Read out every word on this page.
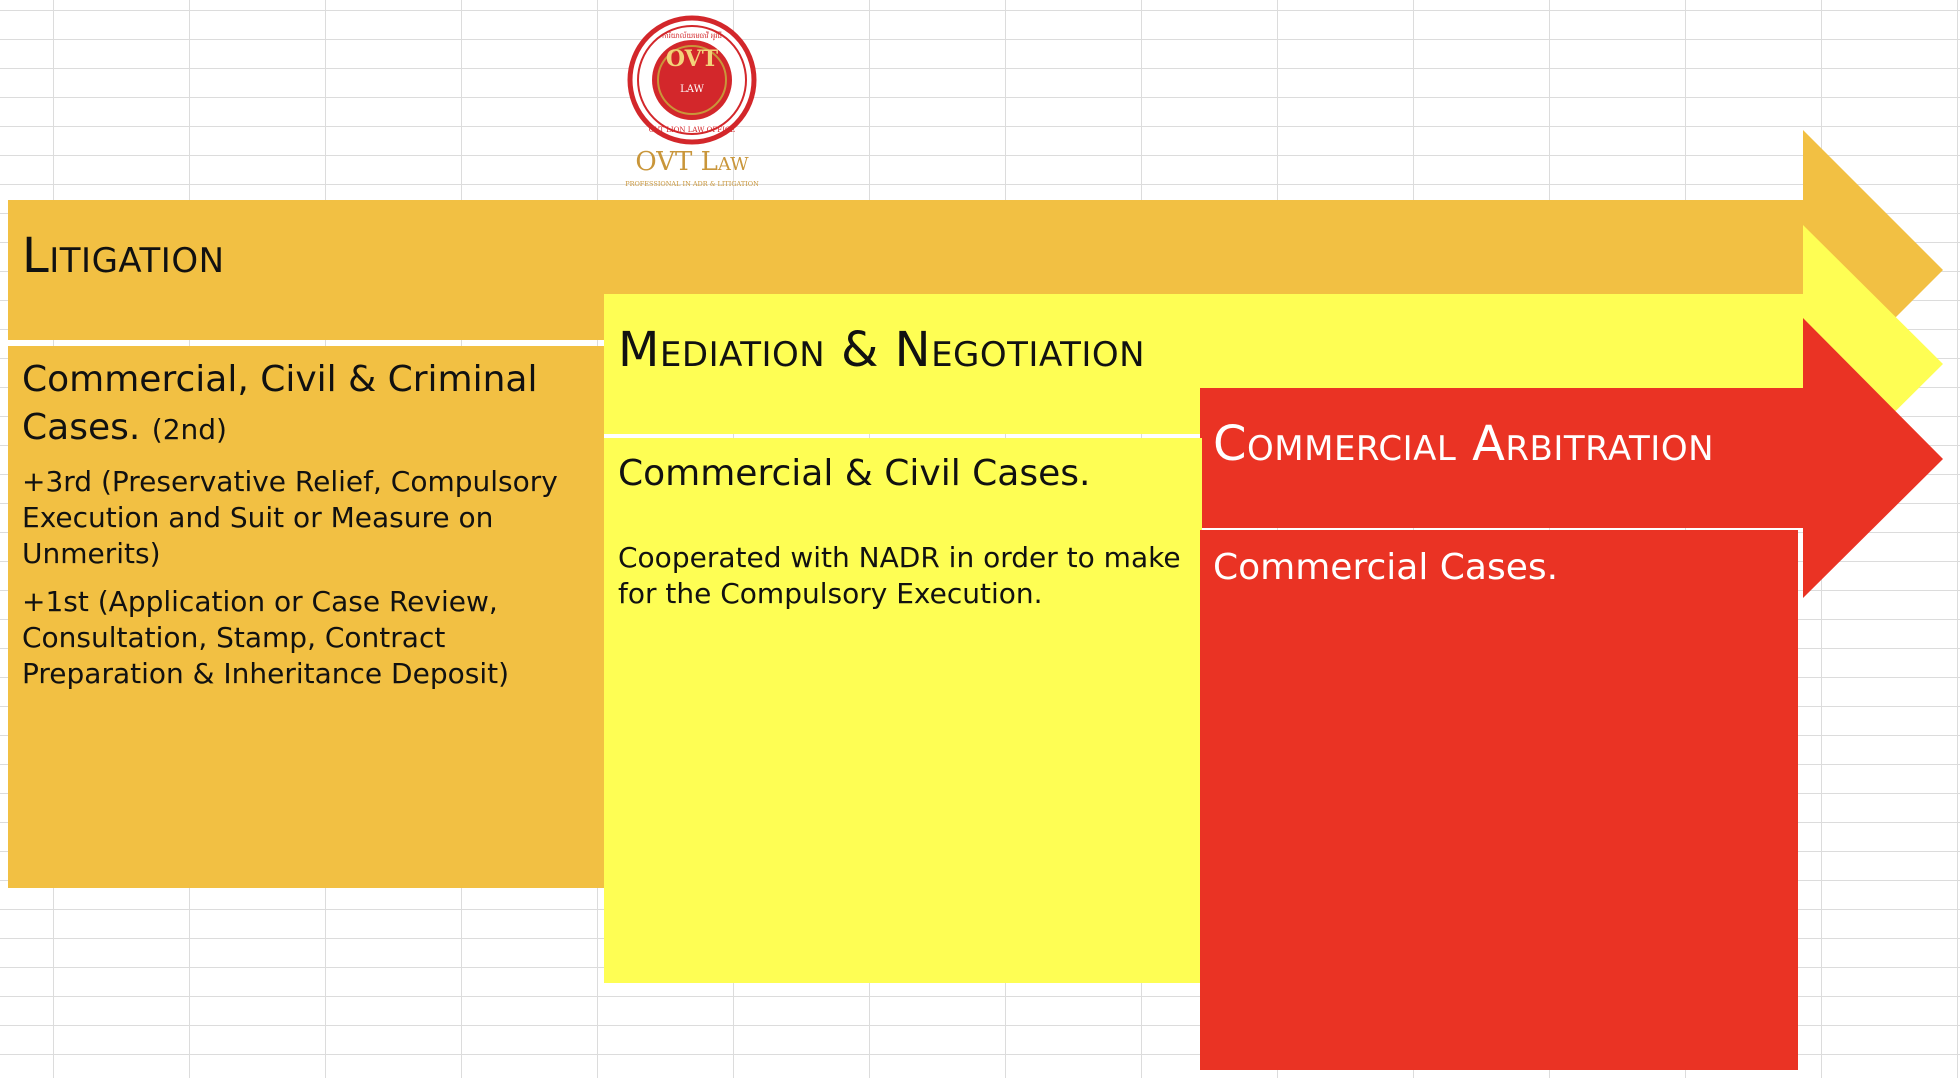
OVT
LAW
ការិយាល័យមេធាវី អូវីធី
OVT LION LAW OFFICE
OVT Law
PROFESSIONAL IN ADR & LITIGATION
Litigation
Mediation & Negotiation
Commercial Arbitration
Commercial, Civil & Criminal Cases. (2nd)
+3rd (Preservative Relief, Compulsory Execution and Suit or Measure on Unmerits)
+1st (Application or Case Review, Consultation, Stamp, Contract Preparation & Inheritance Deposit)
Commercial & Civil Cases.
Cooperated with NADR in order to make for the Compulsory Execution.
Commercial Cases.
